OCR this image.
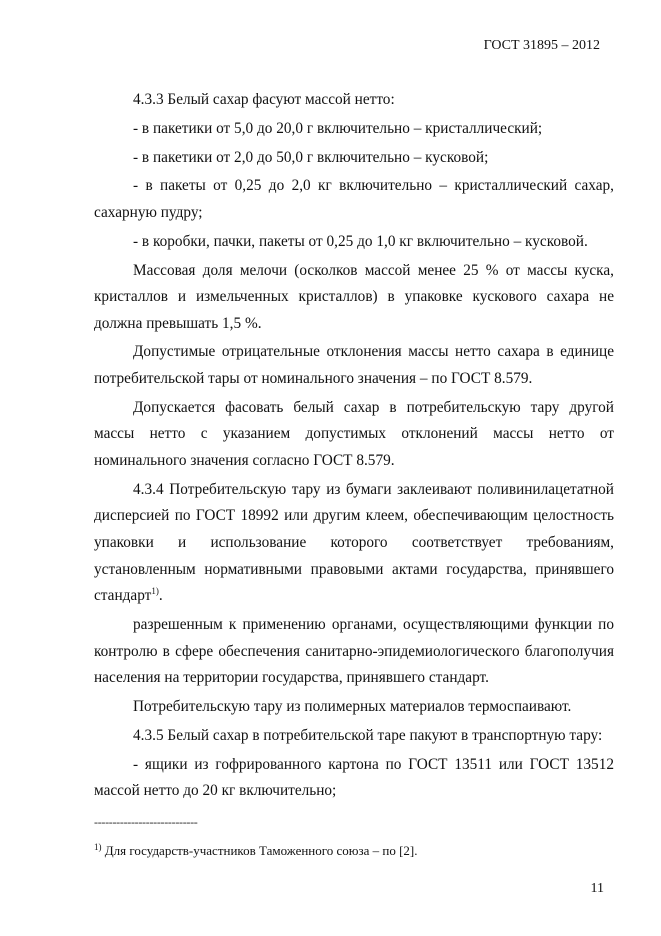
ГОСТ 31895 – 2012

4.3.3 Белый сахар фасуют массой нетто:

- в пакетики от 5,0 до 20,0 г включительно – кристаллический;

- в пакетики от 2,0 до 50,0 г включительно – кусковой;

- в пакеты от 0,25 до 2,0 кг включительно – кристаллический сахар, сахарную пудру;

- в коробки, пачки, пакеты от 0,25 до 1,0 кг включительно – кусковой.

Массовая доля мелочи (осколков массой менее 25 % от массы куска, кристаллов и измельченных кристаллов) в упаковке кускового сахара не должна превышать 1,5 %.

Допустимые отрицательные отклонения массы нетто сахара в единице потребительской тары от номинального значения – по ГОСТ 8.579.

Допускается фасовать белый сахар в потребительскую тару другой массы нетто с указанием допустимых отклонений массы нетто от номинального значения согласно ГОСТ 8.579.

4.3.4 Потребительскую тару из бумаги заклеивают поливинилацетатной дисперсией по ГОСТ 18992 или другим клеем, обеспечивающим целостность упаковки и использование которого соответствует требованиям, установленным нормативными правовыми актами государства, принявшего стандарт$^{1)}$.

разрешенным к применению органами, осуществляющими функции по контролю в сфере обеспечения санитарно-эпидемиологического благополучия населения на территории государства, принявшего стандарт.

Потребительскую тару из полимерных материалов термоспаивают.

4.3.5 Белый сахар в потребительской таре пакуют в транспортную тару:

- ящики из гофрированного картона по ГОСТ 13511 или ГОСТ 13512 массой нетто до 20 кг включительно;

----------------------------
$^{1)}$ Для государств-участников Таможенного союза – по [2].
11
